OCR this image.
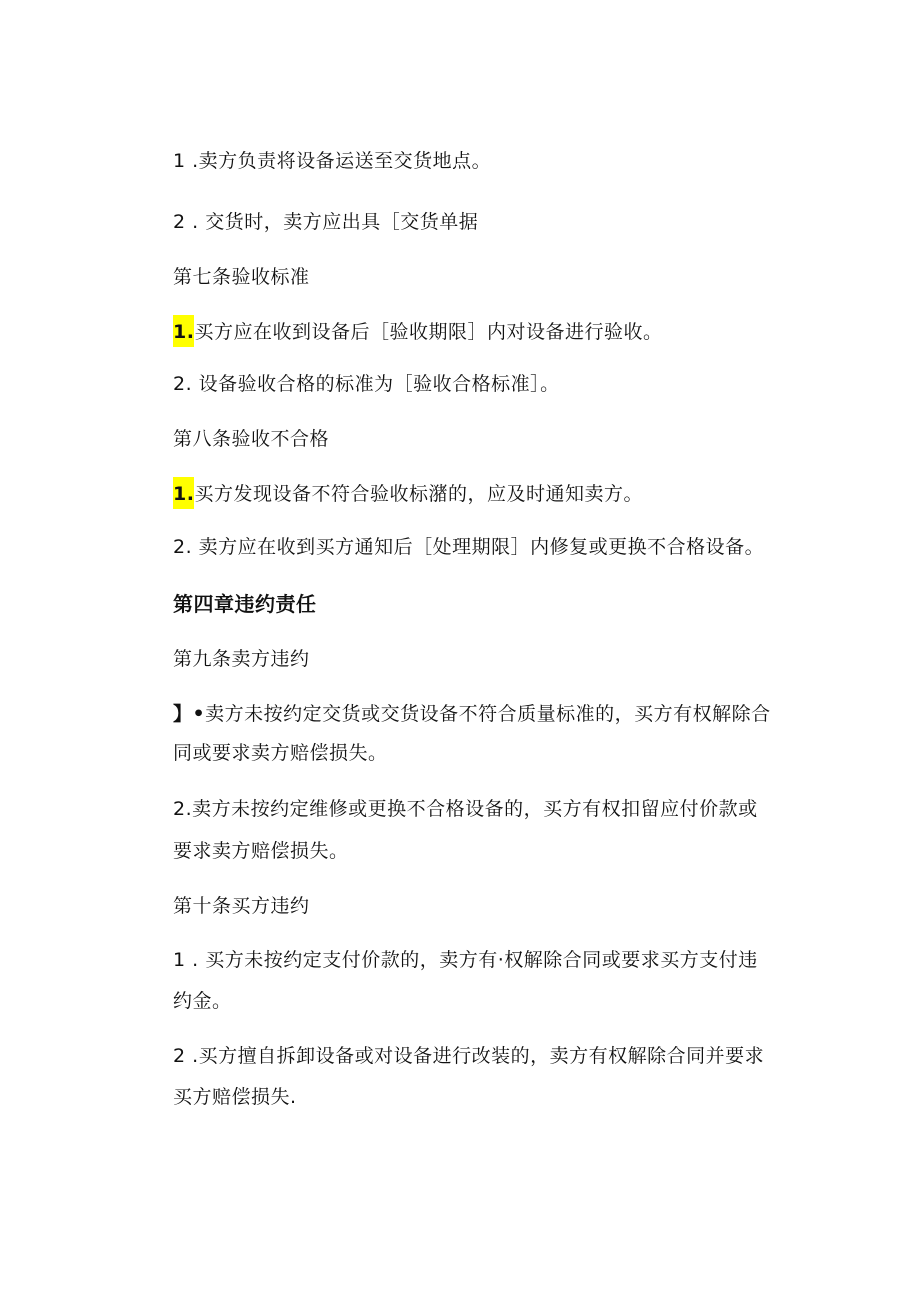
1 .卖方负责将设备运送至交货地点。
2 . 交货时，卖方应出具［交货单据
第七条验收标准
1.买方应在收到设备后［验收期限］内对设备进行验收。
2. 设备验收合格的标准为［验收合格标准］。
第八条验收不合格
1.买方发现设备不符合验收标潴的，应及时通知卖方。
2. 卖方应在收到买方通知后［处理期限］内修复或更换不合格设备。
第四章违约责任
第九条卖方违约
】•卖方未按约定交货或交货设备不符合质量标准的，买方有权解除合
同或要求卖方赔偿损失。
2.卖方未按约定维修或更换不合格设备的，买方有权扣留应付价款或
要求卖方赔偿损失。
第十条买方违约
1 . 买方未按约定支付价款的，卖方有·权解除合同或要求买方支付违
约金。
2 .买方擅自拆卸设备或对设备进行改装的，卖方有权解除合同并要求
买方赔偿损失.
